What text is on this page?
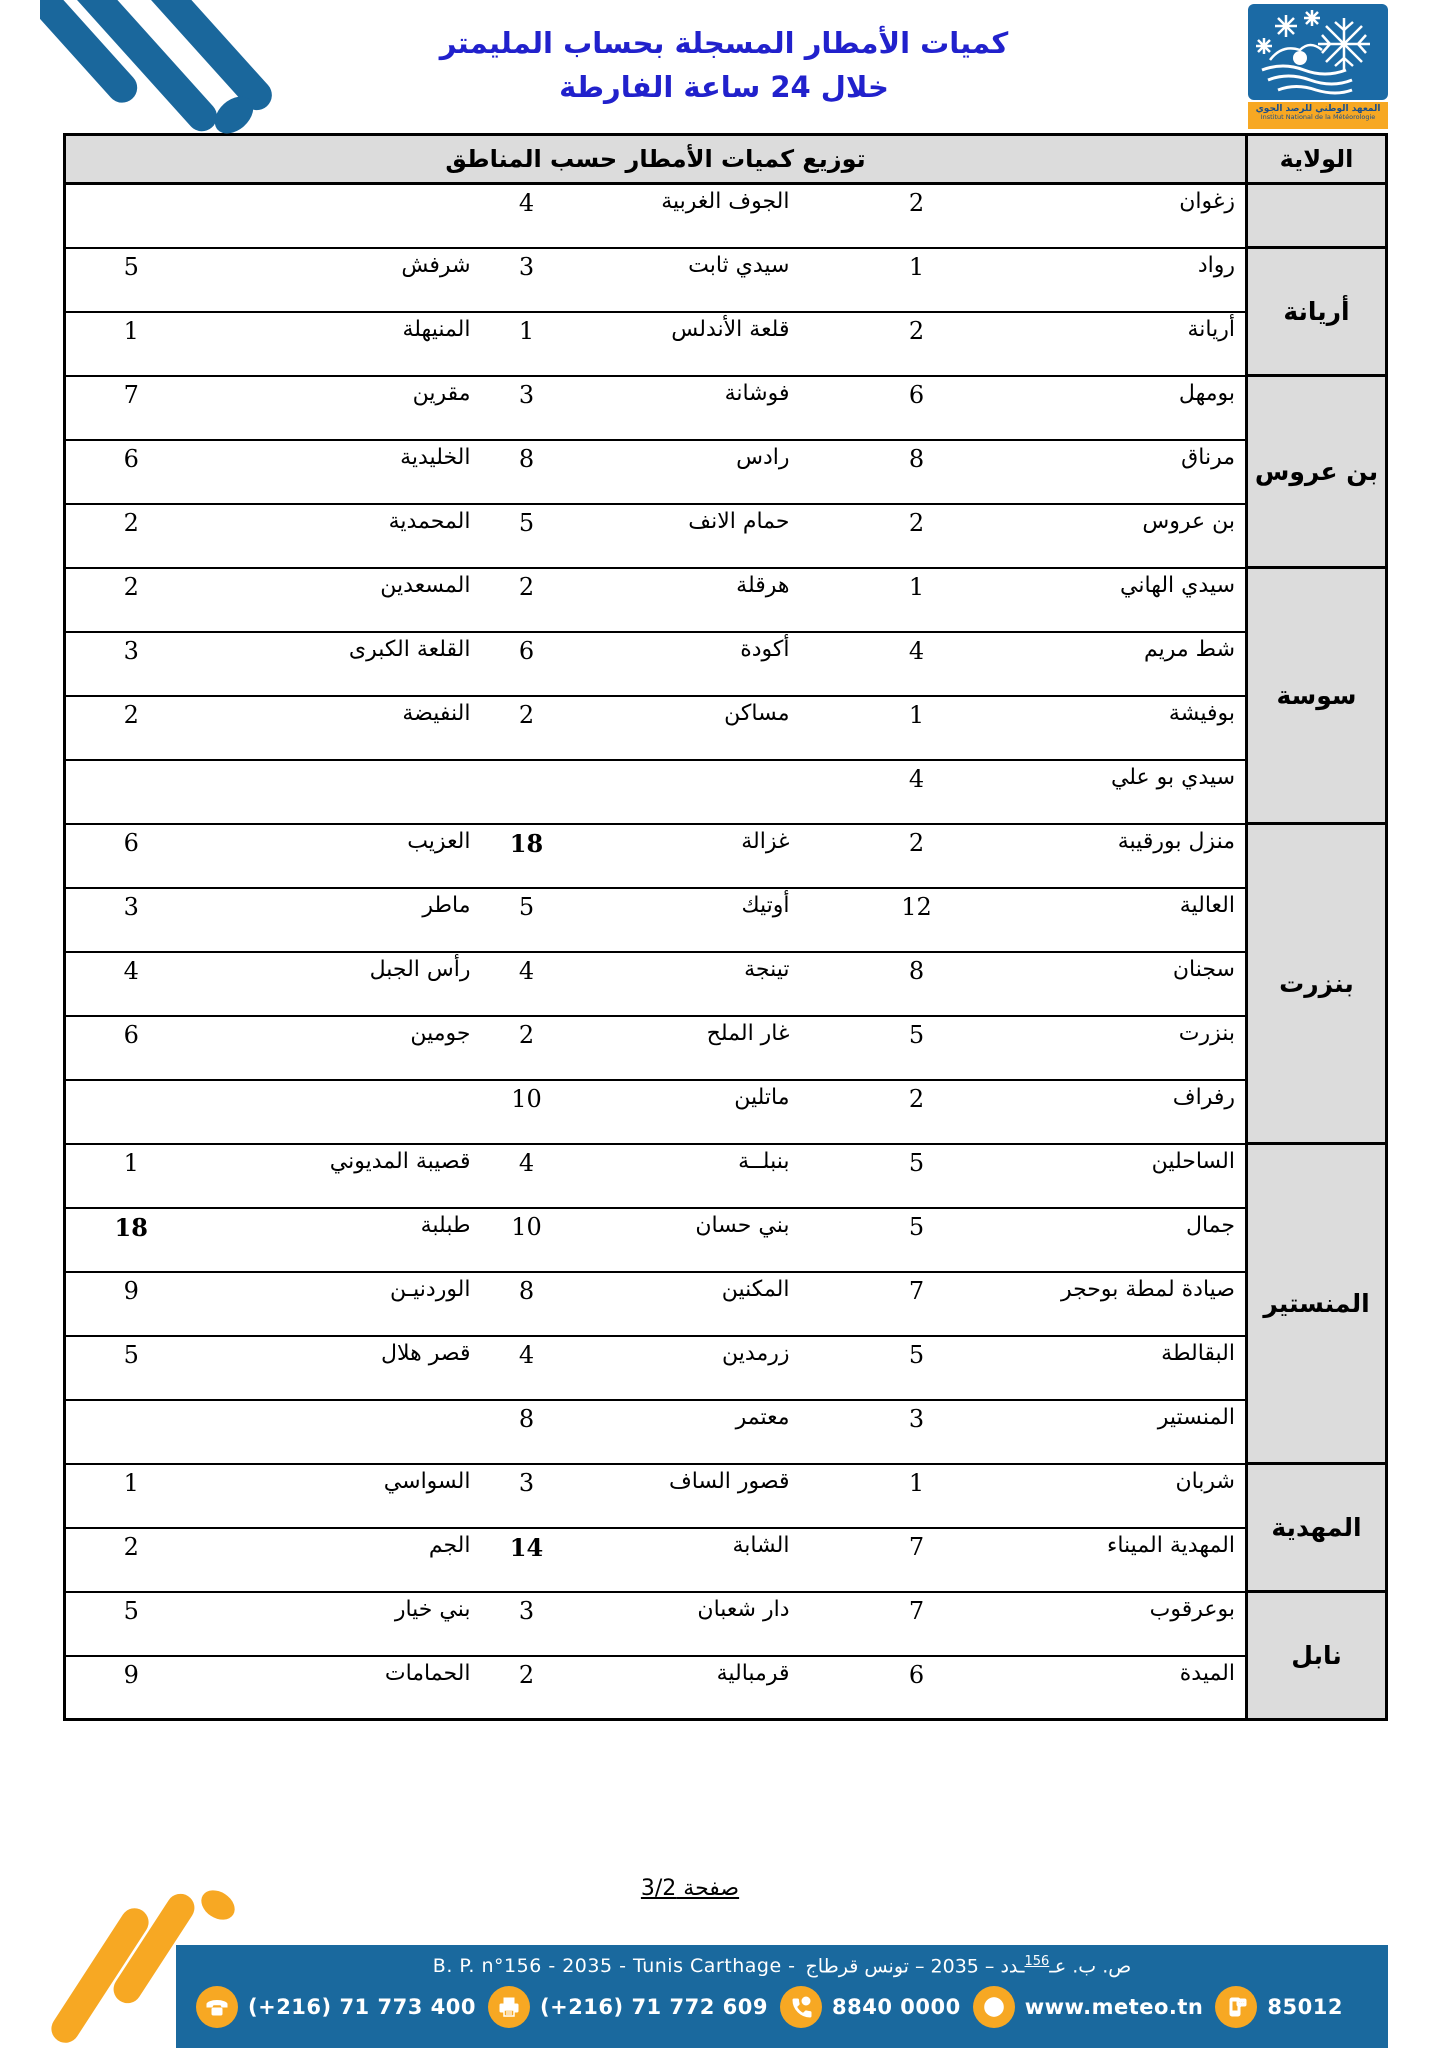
كميات الأمطار المسجلة بحساب المليمتر
خلال 24 ساعة الفارطة
المعهد الوطني للرصد الجوي
Institut National de la Météorologie
الولاية	توزيع كميات الأمطار حسب المناطق					
	زغوان	2	الجوف الغربية	4		
أريانة	رواد	1	سيدي ثابت	3	شرفش	5
	أريانة	2	قلعة الأندلس	1	المنيهلة	1
بن عروس	بومهل	6	فوشانة	3	مقرين	7
	مرناق	8	رادس	8	الخليدية	6
	بن عروس	2	حمام الانف	5	المحمدية	2
سوسة	سيدي الهاني	1	هرقلة	2	المسعدين	2
	شط مريم	4	أكودة	6	القلعة الكبرى	3
	بوفيشة	1	مساكن	2	النفيضة	2
	سيدي بو علي	4				
بنزرت	منزل بورقيبة	2	غزالة	18	العزيب	6
	العالية	12	أوتيك	5	ماطر	3
	سجنان	8	تينجة	4	رأس الجبل	4
	بنزرت	5	غار الملح	2	جومين	6
	رفراف	2	ماتلين	10		
المنستير	الساحلين	5	بنبلــة	4	قصيبة المديوني	1
	جمال	5	بني حسان	10	طبلبة	18
	صيادة لمطة بوحجر	7	المكنين	8	الوردنيـن	9
	البقالطة	5	زرمدين	4	قصر هلال	5
	المنستير	3	معتمر	8		
المهدية	شربان	1	قصور الساف	3	السواسي	1
	المهدية الميناء	7	الشابة	14	الجم	2
نابل	بوعرقوب	7	دار شعبان	3	بني خيار	5
	الميدة	6	قرمبالية	2	الحمامات	9
صفحة 3/2
B. P. n°156 - 2035 - Tunis Carthage -	ص. ب. عـ$^{156}$ـدد – 2035 – تونس قرطاج
(+216) 71 773 400	(+216) 71 772 609	8840 0000	www.meteo.tn	85012
